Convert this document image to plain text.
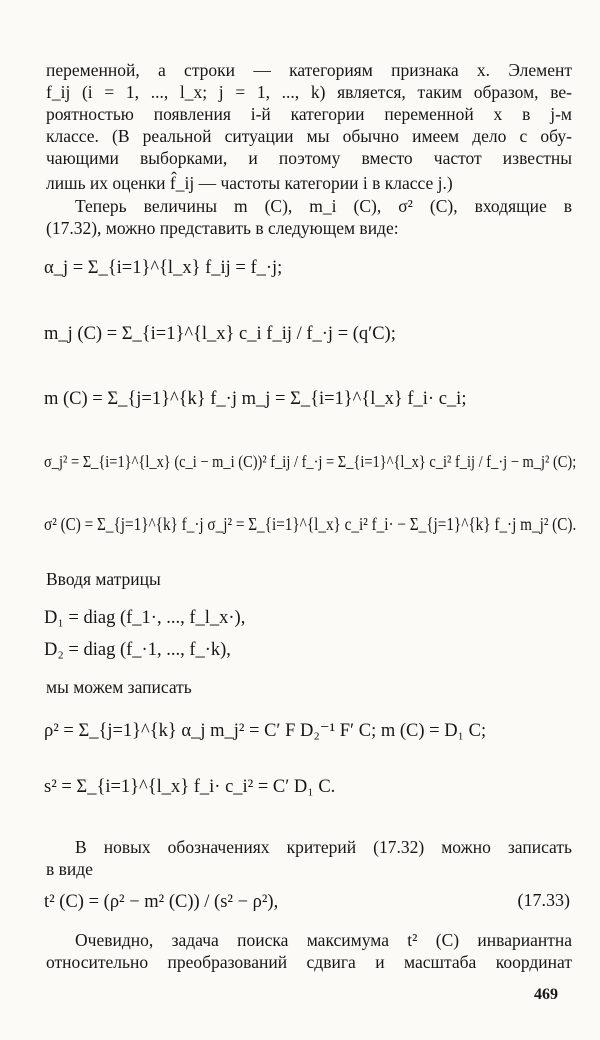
переменной, а строки — категориям признака x. Элемент
f_ij (i = 1, ..., l_x; j = 1, ..., k) является, таким образом, ве-
роятностью появления i-й категории переменной x в j-м
классе. (В реальной ситуации мы обычно имеем дело с обу-
чающими выборками, и поэтому вместо частот известны
лишь их оценки f̂_ij — частоты категории i в классе j.)
Теперь величины m (C), m_i (C), σ² (C), входящие в
(17.32), можно представить в следующем виде:
α_j = Σ_{i=1}^{l_x} f_ij = f_·j;
m_j (C) = Σ_{i=1}^{l_x} c_i f_ij / f_·j = (q′C);
m (C) = Σ_{j=1}^{k} f_·j m_j = Σ_{i=1}^{l_x} f_i· c_i;
σ_j² = Σ_{i=1}^{l_x} (c_i − m_i (C))² f_ij / f_·j = Σ_{i=1}^{l_x} c_i² f_ij / f_·j − m_j² (C);
σ² (C) = Σ_{j=1}^{k} f_·j σ_j² = Σ_{i=1}^{l_x} c_i² f_i· − Σ_{j=1}^{k} f_·j m_j² (C).
Вводя матрицы
D₁ = diag (f_1·, ..., f_l_x·),
D₂ = diag (f_·1, ..., f_·k),
мы можем записать
ρ² = Σ_{j=1}^{k} α_j m_j² = C′ F D₂⁻¹ F′ C; m (C) = D₁ C;
s² = Σ_{i=1}^{l_x} f_i· c_i² = C′ D₁ C.
В новых обозначениях критерий (17.32) можно записать
в виде
t² (C) = (ρ² − m² (C)) / (s² − ρ²),	(17.33)
Очевидно, задача поиска максимума t² (C) инвариантна
относительно преобразований сдвига и масштаба координат
469
